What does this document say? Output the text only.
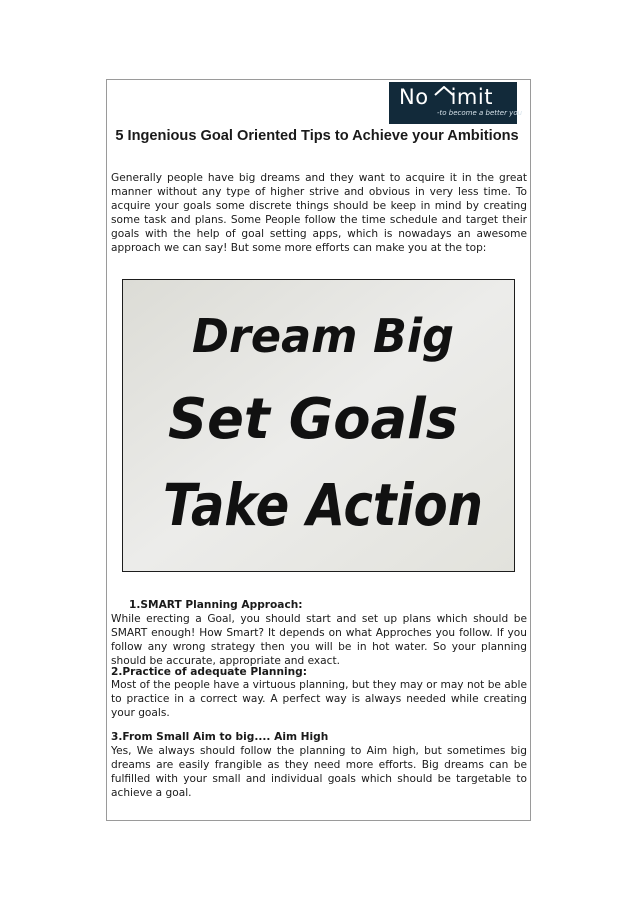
No imit
-to become a better you
5 Ingenious Goal Oriented Tips to Achieve your Ambitions

Generally people have big dreams and they want to acquire it in the great manner without any type of higher strive and obvious in very less time. To acquire your goals some discrete things should be keep in mind by creating some task and plans. Some People follow the time schedule and target their goals with the help of goal setting apps, which is nowadays an awesome approach we can say! But some more efforts can make you at the top:

Dream Big
Set Goals
Take Action

1.SMART Planning Approach:

While erecting a Goal, you should start and set up plans which should be SMART enough! How Smart? It depends on what Approches you follow. If you follow any wrong strategy then you will be in hot water. So your planning should be accurate, appropriate and exact.

2.Practice of adequate Planning:

Most of the people have a virtuous planning, but they may or may not be able to practice in a correct way. A perfect way is always needed while creating your goals.

3.From Small Aim to big.... Aim High

Yes, We always should follow the planning to Aim high, but sometimes big dreams are easily frangible as they need more efforts. Big dreams can be fulfilled with your small and individual goals which should be targetable to achieve a goal.
